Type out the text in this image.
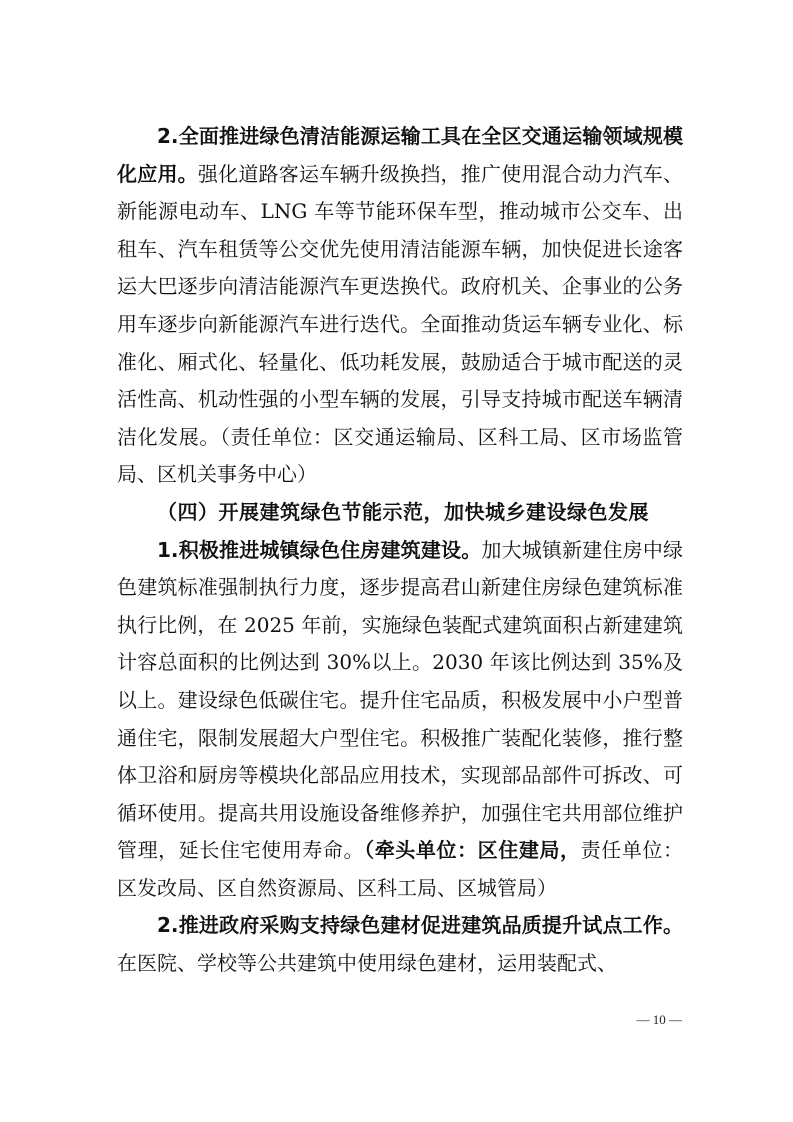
2.全面推进绿色清洁能源运输工具在全区交通运输领域规模化应用。强化道路客运车辆升级换挡，推广使用混合动力汽车、新能源电动车、LNG 车等节能环保车型，推动城市公交车、出租车、汽车租赁等公交优先使用清洁能源车辆，加快促进长途客运大巴逐步向清洁能源汽车更迭换代。政府机关、企事业的公务用车逐步向新能源汽车进行迭代。全面推动货运车辆专业化、标准化、厢式化、轻量化、低功耗发展，鼓励适合于城市配送的灵活性高、机动性强的小型车辆的发展，引导支持城市配送车辆清洁化发展。（责任单位：区交通运输局、区科工局、区市场监管局、区机关事务中心）

（四）开展建筑绿色节能示范，加快城乡建设绿色发展

1.积极推进城镇绿色住房建筑建设。加大城镇新建住房中绿色建筑标准强制执行力度，逐步提高君山新建住房绿色建筑标准执行比例，在 2025 年前，实施绿色装配式建筑面积占新建建筑计容总面积的比例达到 30%以上。2030 年该比例达到 35%及以上。建设绿色低碳住宅。提升住宅品质，积极发展中小户型普通住宅，限制发展超大户型住宅。积极推广装配化装修，推行整体卫浴和厨房等模块化部品应用技术，实现部品部件可拆改、可循环使用。提高共用设施设备维修养护，加强住宅共用部位维护管理，延长住宅使用寿命。（牵头单位：区住建局，责任单位：区发改局、区自然资源局、区科工局、区城管局）

2.推进政府采购支持绿色建材促进建筑品质提升试点工作。在医院、学校等公共建筑中使用绿色建材，运用装配式、

— 10 —
